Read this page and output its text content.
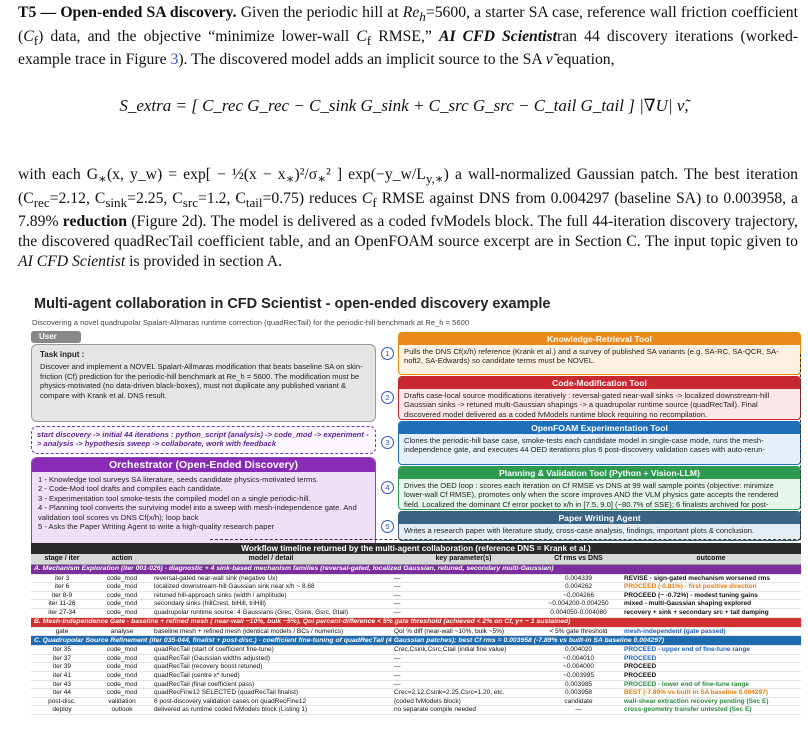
T5 — Open-ended SA discovery. Given the periodic hill at $Re_h=5600$, a starter SA case, reference wall friction coefficient $(C_f)$ data, and the objective “minimize lower-wall $C_f$ RMSE,” AI CFD Scientistran 44 discovery iterations (worked-example trace in Figure 3). The discovered model adds an implicit source to the SA ν̃ equation,
S_extra = [ C_rec G_rec − C_sink G_sink + C_src G_src − C_tail G_tail ] |∇U| ν̃,
with each $G_∗(x$, y_w) = exp[ − ½(x − $x_∗)^2/\sigma_∗^2$ ] $\exp(-y\_w/L_{y,∗})$ a wall-normalized Gaussian patch. The best iteration ($C_{rec}=2.12$, $C_{sink}=2.25$, $C_{src}=1.2$, $C_{tail}=0.75$) reduces $C_f$ RMSE against DNS from 0.004297 (baseline SA) to 0.003958, a 7.89% reduction (Figure 2d). The model is delivered as a coded fvModels block. The full 44-iteration discovery trajectory, the discovered quadRecTail coefficient table, and an OpenFOAM source excerpt are in Section C. The input topic given to AI CFD Scientist is provided in section A.
Multi-agent collaboration in CFD Scientist - open-ended discovery example
Discovering a novel quadrupolar Spalart-Allmaras runtime correction (quadRecTail) for the periodic-hill benchmark at Re_h = 5600
User
Task input :
Discover and implement a NOVEL Spalart-Allmaras modification that beats baseline SA on skin-friction (Cf) prediction for the periodic-hill benchmark at Re_h = 5600. The modification must be physics-motivated (no data-driven black-boxes), must not duplicate any published variant & compare with Krank et al. DNS result.
start discovery -> initial 44 iterations : python_script (analysis) -> code_mod -> experiment -> analysis -> hypothesis sweep -> collaborate, work with feedback
Orchestrator (Open-Ended Discovery)
1 - Knowledge tool surveys SA literature, seeds candidate physics-motivated terms.
2 - Code-Mod tool drafts and compiles each candidate.
3 - Experimentation tool smoke-tests the compiled model on a single periodic-hill.
4 - Planning tool converts the surviving model into a sweep with mesh-independence gate. And validation tool scores vs DNS Cf(x/h); loop back
5 - Asks the Paper Writing Agent to write a high-quality research paper
1
2
3
4
5
Knowledge-Retrieval Tool
Pulls the DNS Cf(x/h) reference (Krank et al.) and a survey of published SA variants (e.g. SA-RC, SA-QCR, SA-noft2, SA-Edwards) so candidate terms must be NOVEL.
Code-Modification Tool
Drafts case-local source modifications iteratively : reversal-gated near-wall sinks -> localized downstream-hill Gaussian sinks -> retuned multi-Gaussian shapings -> a quadrupolar runtime source (quadRecTail). Final discovered model delivered as a coded fvModels runtime block requiring no recompilation.
OpenFOAM Experimentation Tool
Clones the periodic-hill base case, smoke-tests each candidate model in single-case mode, runs the mesh-independence gate, and executes 44 OED iterations plus 6 post-discovery validation cases with auto-rerun-
Planning & Validation Tool (Python + Vision-LLM)
Drives the OED loop : scores each iteration on Cf RMSE vs DNS at 99 wall sample points (objective: minimize lower-wall Cf RMSE), promotes only when the score improves AND the VLM physics gate accepts the rendered field. Localized the dominant Cf error pocket to x/h in [7.5, 9.0] (~80.7% of SSE); 6 finalists archived for post-
Paper Writing Agent
Writes a research paper with literature study, cross-case analysis, findings, important plots & conclusion.
Workflow timeline returned by the multi-agent collaboration (reference DNS = Krank et al.)
stage / iter	action	model / detail	key parameter(s)	Cf rms vs DNS	outcome
A. Mechanism Exploration (iter 001-026) - diagnostic + 4 sink-based mechanism families (reversal-gated, localized Gaussian, retuned, secondary multi-Gaussian)					
iter 3	code_mod	reversal-gated near-wall sink (negative Ux)	—	0.004339	REVISE - sign-gated mechanism worsened rms
iter 6	code_mod	localized downstream-hill Gaussian sink near x/h ~ 8.68	—	0.004262	PROCEED (-0.81%) - first positive direction
iter 8-9	code_mod	retuned hill-approach sinks (width / amplitude)	—	~0.004266	PROCEED (~ -0.72%) - modest tuning gains
iter 11-26	code_mod	secondary sinks (hillCrest, biHill, triHill)	—	~0.004200-0.004250	mixed - multi-Gaussian shaping explored
iter 27-34	code_mod	quadrupolar runtime source: 4 Gaussians (Grec, Gsink, Gsrc, Gtail)	—	0.004050-0.004080	recovery + sink + secondary src + tail damping
B. Mesh-Independence Gate - baseline + refined mesh ( near-wall ~10%, bulk ~5%), Qol percent-difference < 5% gate threshold (achieved < 2% on Cf, y+ ~ 1 sustained)					
gate	analyse	baseline mesh + refined mesh (identical models / BCs / numerics)	QoI % diff (near-wall ~10%, bulk ~5%)	< 5% gate threshold	mesh-independent (gate passed)
C. Quadrupolar Source Refinement (iter 035-044, finalist + post-disc.) - coefficient fine-tuning of quadRecTail (4 Gaussian patches); best Cf rms = 0.003958 (-7.89% vs built-in SA baseline 0.004297)					
iter 35	code_mod	quadRecTail (start of coefficient fine-tune)	Crec,Csink,Csrc,Ctail (initial fine value)	0.004020	PROCEED - upper end of fine-tune range
iter 37	code_mod	quadRecTail (Gaussian widths adjusted)	—	~0.004010	PROCEED
iter 39	code_mod	quadRecTail (recovery boost retuned)	—	~0.004000	PROCEED
iter 41	code_mod	quadRecTail (centre x* tuned)	—	~0.003995	PROCEED
iter 43	code_mod	quadRecTail (final coefficient pass)	—	0.003985	PROCEED - lower end of fine-tune range
iter 44	code_mod	quadRecFine12 SELECTED (quadRecTail finalist)	Crec=2.12,Csink=2.25,Csrc=1.20, etc.	0.003958	BEST (-7.89% vs built-in SA baseline 0.004297)
post-disc.	validation	6 post-discovery validation cases on quadRecFine12	(coded fvModels block)	candidate	wall-shear extraction recovery pending (Sec E)
deploy	outlook	delivered as runtime coded fvModels block (Listing 1)	no separate compile needed	—	cross-geometry transfer untested (Sec E)
